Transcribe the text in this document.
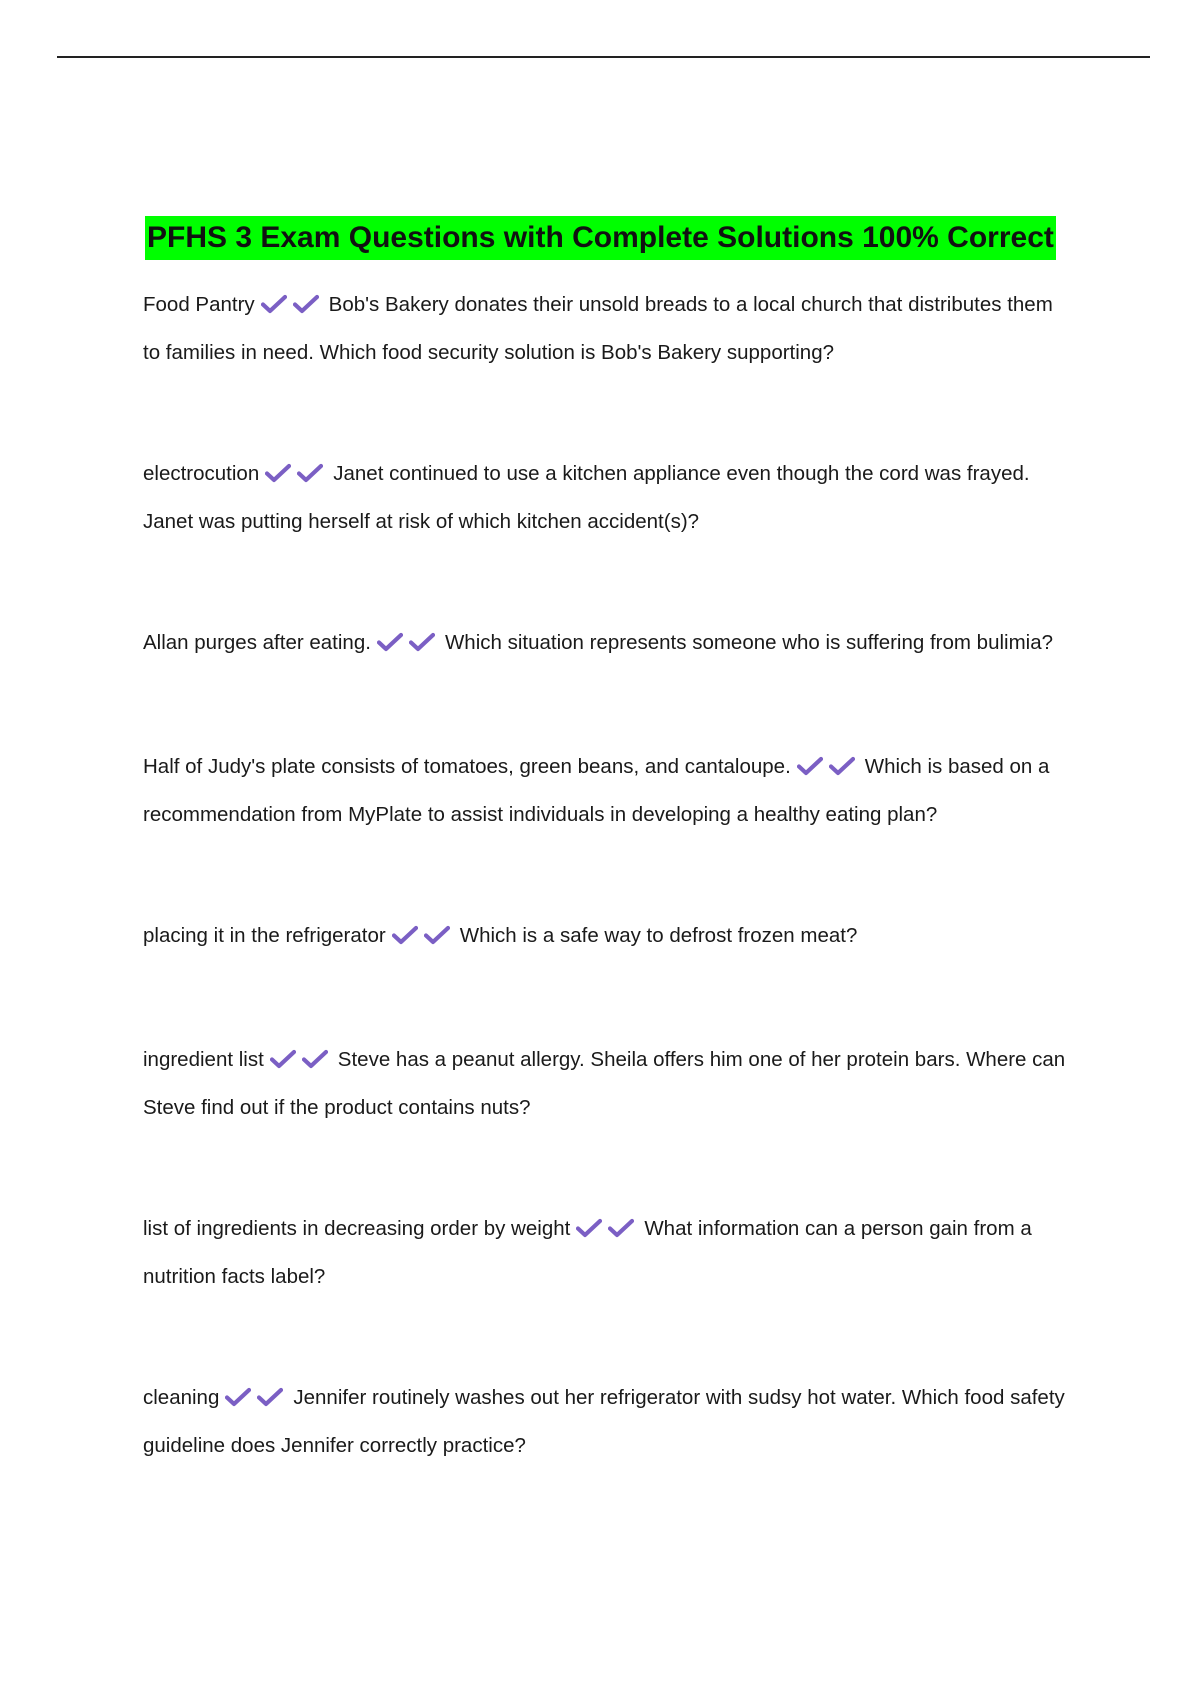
PFHS 3 Exam Questions with Complete Solutions 100% Correct
Food Pantry	Bob's Bakery donates their unsold breads to a local church that distributes them to families in need. Which food security solution is Bob's Bakery supporting?
electrocution	Janet continued to use a kitchen appliance even though the cord was frayed. Janet was putting herself at risk of which kitchen accident(s)?
Allan purges after eating.	Which situation represents someone who is suffering from bulimia?
Half of Judy's plate consists of tomatoes, green beans, and cantaloupe.	Which is based on a recommendation from MyPlate to assist individuals in developing a healthy eating plan?
placing it in the refrigerator	Which is a safe way to defrost frozen meat?
ingredient list	Steve has a peanut allergy. Sheila offers him one of her protein bars. Where can Steve find out if the product contains nuts?
list of ingredients in decreasing order by weight	What information can a person gain from a nutrition facts label?
cleaning	Jennifer routinely washes out her refrigerator with sudsy hot water. Which food safety guideline does Jennifer correctly practice?
